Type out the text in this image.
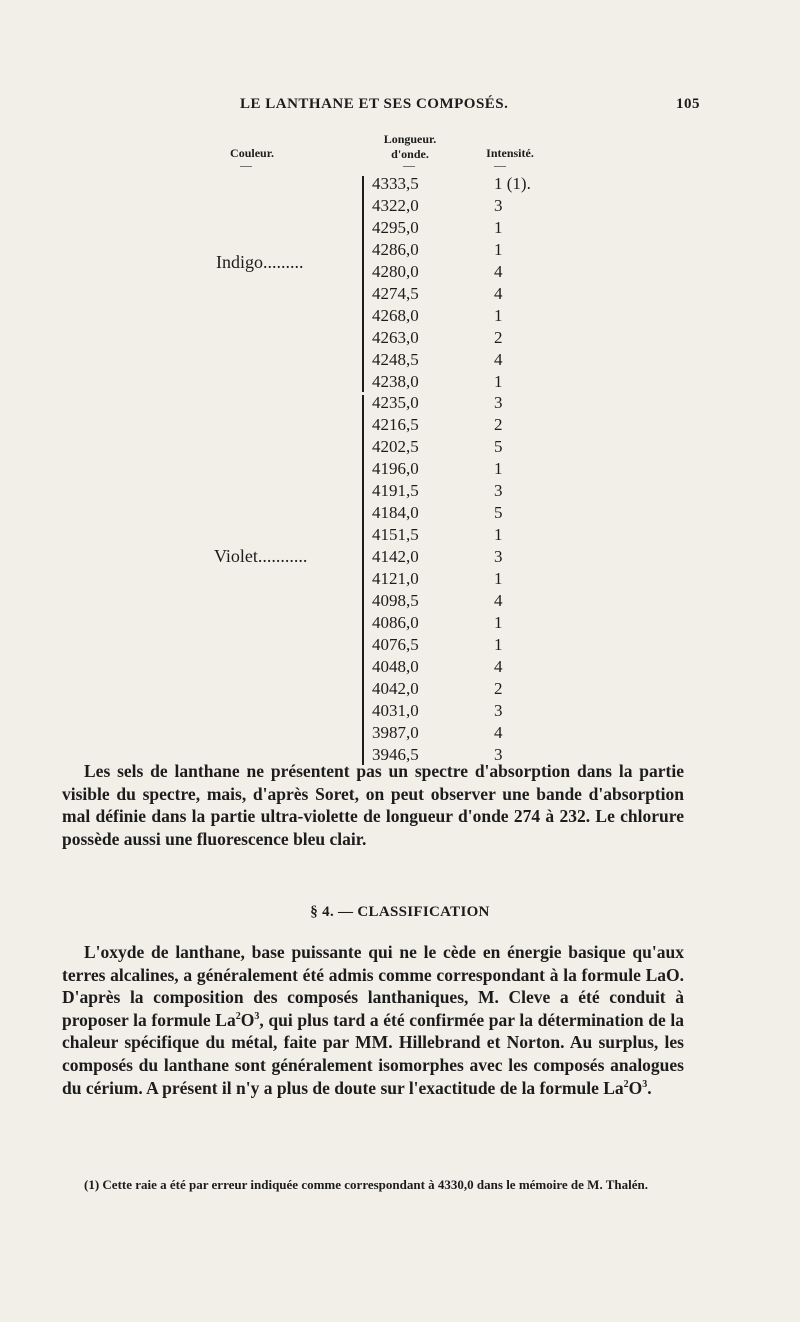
LE LANTHANE ET SES COMPOSÉS.	105
Couleur.
Longueur.
d'onde.	Intensité.
—	—	—
4333,5	1 (1).
4322,0	3
4295,0	1
4286,0	1
4280,0	4
4274,5	4
4268,0	1
4263,0	2
4248,5	4
4238,0	1
Indigo.........
4235,0	3
4216,5	2
4202,5	5
4196,0	1
4191,5	3
4184,0	5
4151,5	1
4142,0	3
4121,0	1
4098,5	4
4086,0	1
4076,5	1
4048,0	4
4042,0	2
4031,0	3
3987,0	4
3946,5	3
Violet...........
Les sels de lanthane ne présentent pas un spectre d'absorption dans la partie visible du spectre, mais, d'après Soret, on peut observer une bande d'absorption mal définie dans la partie ultra-violette de longueur d'onde 274 à 232. Le chlorure possède aussi une fluorescence bleu clair.
§ 4. — CLASSIFICATION
L'oxyde de lanthane, base puissante qui ne le cède en énergie basique qu'aux terres alcalines, a généralement été admis comme correspondant à la formule LaO. D'après la composition des composés lanthaniques, M. Cleve a été conduit à proposer la formule $La^2O^3$, qui plus tard a été confirmée par la détermination de la chaleur spécifique du métal, faite par MM. Hillebrand et Norton. Au surplus, les composés du lanthane sont généralement isomorphes avec les composés analogues du cérium. A présent il n'y a plus de doute sur l'exactitude de la formule $La^2O^3$.
(1) Cette raie a été par erreur indiquée comme correspondant à 4330,0 dans le mémoire de M. Thalén.
